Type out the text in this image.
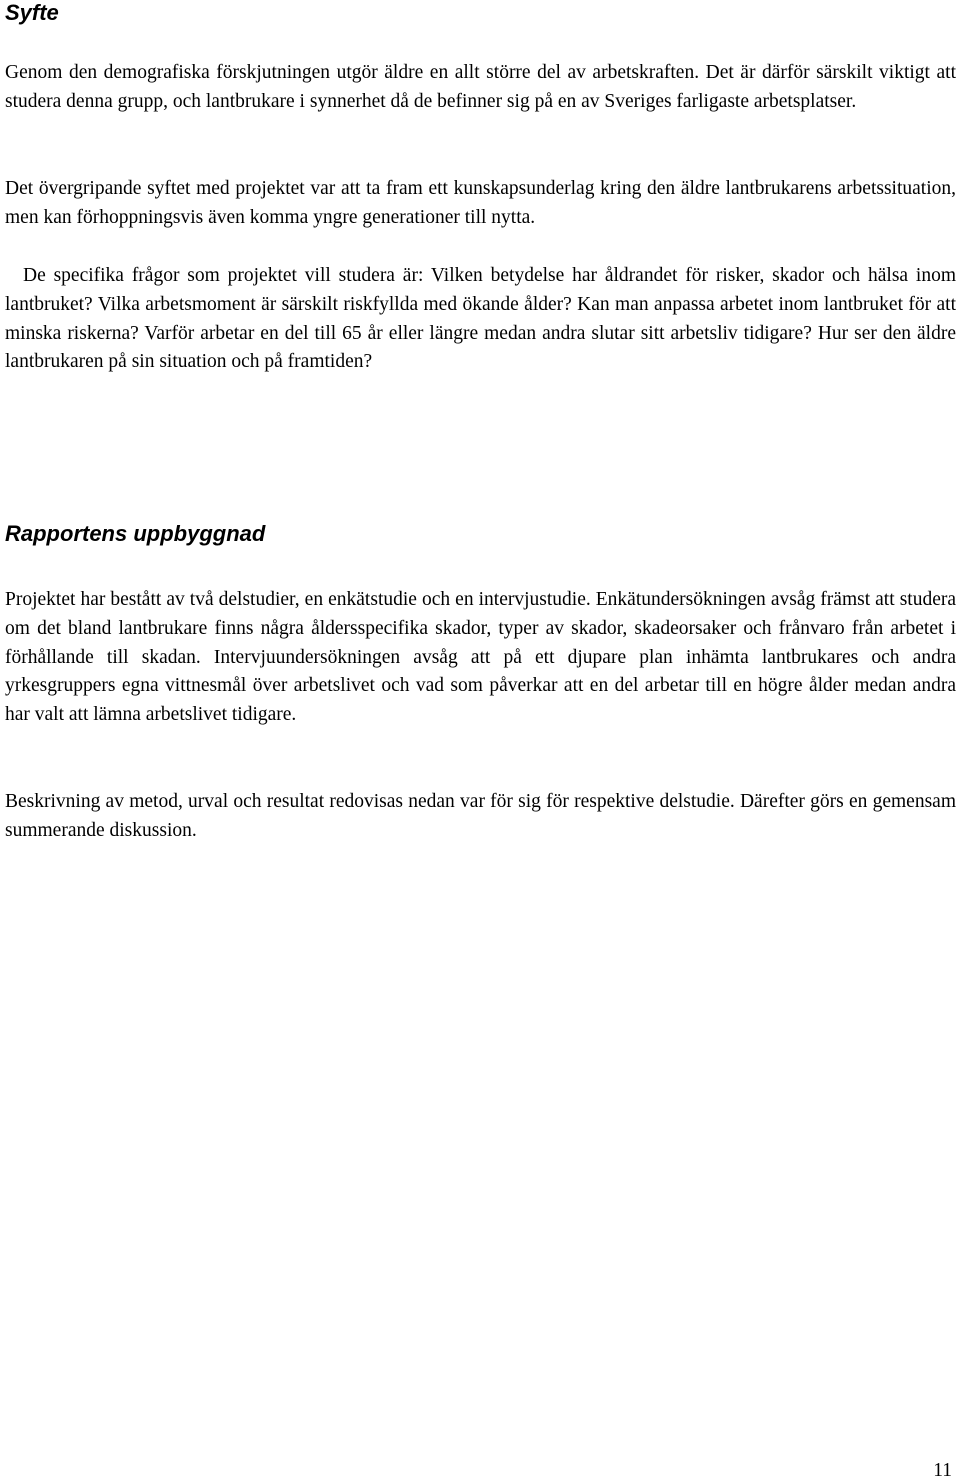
Syfte

Genom den demografiska förskjutningen utgör äldre en allt större del av arbetskraften. Det är därför särskilt viktigt att studera denna grupp, och lantbrukare i synnerhet då de befinner sig på en av Sveriges farligaste arbetsplatser.

Det övergripande syftet med projektet var att ta fram ett kunskapsunderlag kring den äldre lantbrukarens arbetssituation, men kan förhoppningsvis även komma yngre generationer till nytta.

De specifika frågor som projektet vill studera är: Vilken betydelse har åldrandet för risker, skador och hälsa inom lantbruket? Vilka arbetsmoment är särskilt riskfyllda med ökande ålder? Kan man anpassa arbetet inom lantbruket för att minska riskerna? Varför arbetar en del till 65 år eller längre medan andra slutar sitt arbetsliv tidigare? Hur ser den äldre lantbrukaren på sin situation och på framtiden?

Rapportens uppbyggnad

Projektet har bestått av två delstudier, en enkätstudie och en intervjustudie. Enkätundersökningen avsåg främst att studera om det bland lantbrukare finns några åldersspecifika skador, typer av skador, skadeorsaker och frånvaro från arbetet i förhållande till skadan. Intervjuundersökningen avsåg att på ett djupare plan inhämta lantbrukares och andra yrkesgruppers egna vittnesmål över arbetslivet och vad som påverkar att en del arbetar till en högre ålder medan andra har valt att lämna arbetslivet tidigare.

Beskrivning av metod, urval och resultat redovisas nedan var för sig för respektive delstudie. Därefter görs en gemensam summerande diskussion.

11
